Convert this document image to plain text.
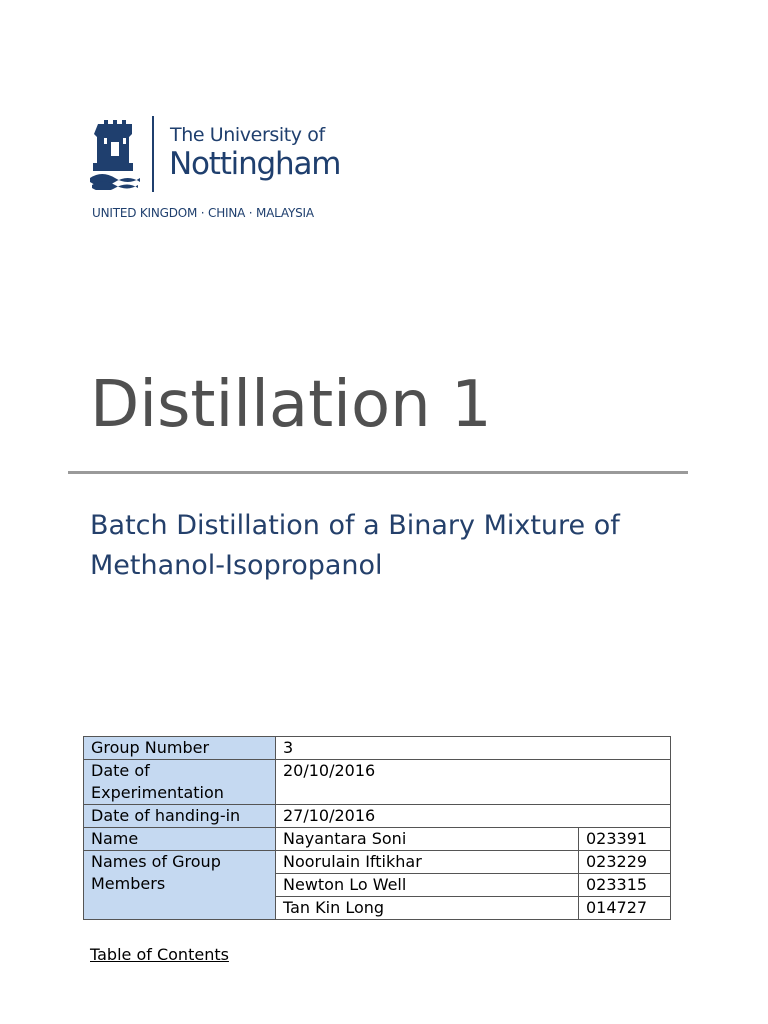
The University of
Nottingham
UNITED KINGDOM · CHINA · MALAYSIA
Distillation 1
Batch Distillation of a Binary Mixture of Methanol-Isopropanol
Group Number	3	
Date of Experimentation	20/10/2016	
Date of handing-in	27/10/2016	
Name	Nayantara Soni	023391
Names of Group Members	Noorulain Iftikhar	023229
	Newton Lo Well	023315
	Tan Kin Long	014727
Table of Contents
